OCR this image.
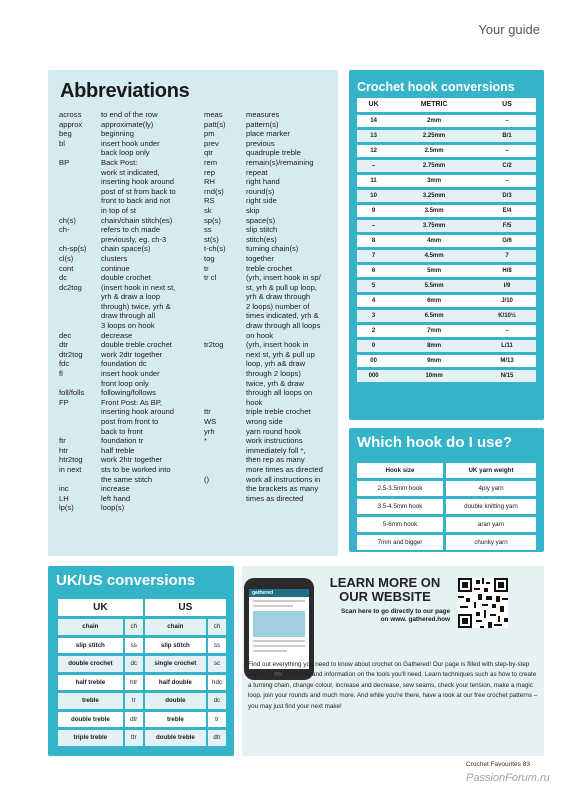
Your guide
Abbreviations
across	to end of the row
approx	approximate(ly)
beg	beginning
bl	insert hook under
back loop only
BP	Back Post:
work st indicated,
inserting hook around
post of st from back to
front to back and not
in top of st
ch(s)	chain/chain stitch(es)
ch-	refers to ch made
previously, eg. ch-3
ch-sp(s)	chain space(s)
cl(s)	clusters
cont	continue
dc	double crochet
dc2tog	(insert hook in next st,
yrh & draw a loop
through) twice, yrh &
draw through all
3 loops on hook
dec	decrease
dtr	double treble crochet
dtr2tog	work 2dtr together
fdc	foundation dc
fl	insert hook under
front loop only
foll/folls	following/follows
FP	Front Post: As BP,
inserting hook around
post from front to
back to front
ftr	foundation tr
htr	half treble
htr2tog	work 2htr together
in next	sts to be worked into
the same stitch
inc	increase
LH	left hand
lp(s)	loop(s)
meas	measures
patt(s)	pattern(s)
pm	place marker
prev	previous
qtr	quadruple treble
rem	remain(s)/remaining
rep	repeat
RH	right hand
rnd(s)	round(s)
RS	right side
sk	skip
sp(s)	space(s)
ss	slip stitch
st(s)	stitch(es)
t-ch(s)	turning chain(s)
tog	together
tr	treble crochet
tr cl	(yrh, insert hook in sp/
st, yrh & pull up loop,
yrh & draw through
2 loops) number of
times indicated, yrh &
draw through all loops
on hook
tr2tog	(yrh, insert hook in
next st, yrh & pull up
loop, yrh a& draw
through 2 loops)
twice, yrh & draw
through all loops on
hook
ttr	triple treble crochet
WS	wrong side
yrh	yarn round hook
*	work instructions
immediately foll *,
then rep as many
more times as directed
()	work all instructions in
the brackets as many
times as directed
Crochet hook conversions
UK	METRIC	US
14	2mm	–
13	2.25mm	B/1
12	2.5mm	–
–	2.75mm	C/2
11	3mm	–
10	3.25mm	D/3
9	3.5mm	E/4
–	3.75mm	F/5
8	4mm	G/6
7	4.5mm	7
6	5mm	H/8
5	5.5mm	I/9
4	6mm	J/10
3	6.5mm	K/10½
2	7mm	–
0	8mm	L/11
00	9mm	M/13
000	10mm	N/15
Which hook do I use?
Hook size	UK yarn weight
2.5-3.5mm hook	4ply yarn
3.5-4.5mm hook	double knitting yarn
5-6mm hook	aran yarn
7mm and bigger	chunky yarn
UK/US conversions
UK		US	
chain	ch	chain	ch
slip stitch	ss	slip stitch	ss
double crochet	dc	single crochet	sc
half treble	htr	half double	hdc
treble	tr	double	dc
double treble	dtr	treble	tr
triple treble	ttr	double treble	dtr
gathered
LEARN MORE ON
OUR WEBSITE
Scan here to go directly to our page on www. gathered.how
Find out everything you need to know about crochet on Gathered! Our page is filled with step-by-step videos, useful how-tos and information on the tools you'll need. Learn techniques such as how to create a turning chain, change colour, increase and decrease, sew seams, check your tension, make a magic loop, join your rounds and much more. And while you're there, have a look at our free crochet patterns – you may just find your next make!
Crochet Favourites 83
PassionForum.ru
